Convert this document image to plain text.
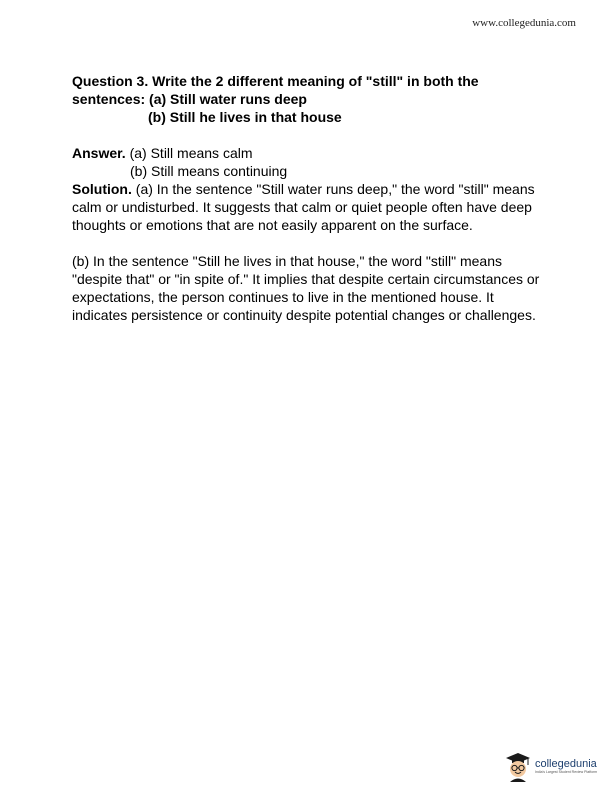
www.collegedunia.com
Question 3. Write the 2 different meaning of "still" in both the
sentences: (a) Still water runs deep
(b) Still he lives in that house
Answer. (a) Still means calm
(b) Still means continuing

Solution. (a) In the sentence "Still water runs deep," the word "still" means calm or undisturbed. It suggests that calm or quiet people often have deep thoughts or emotions that are not easily apparent on the surface.

(b) In the sentence "Still he lives in that house," the word "still" means "despite that" or "in spite of." It implies that despite certain circumstances or expectations, the person continues to live in the mentioned house. It indicates persistence or continuity despite potential changes or challenges.

collegedunia
India's Largest Student Review Platform
